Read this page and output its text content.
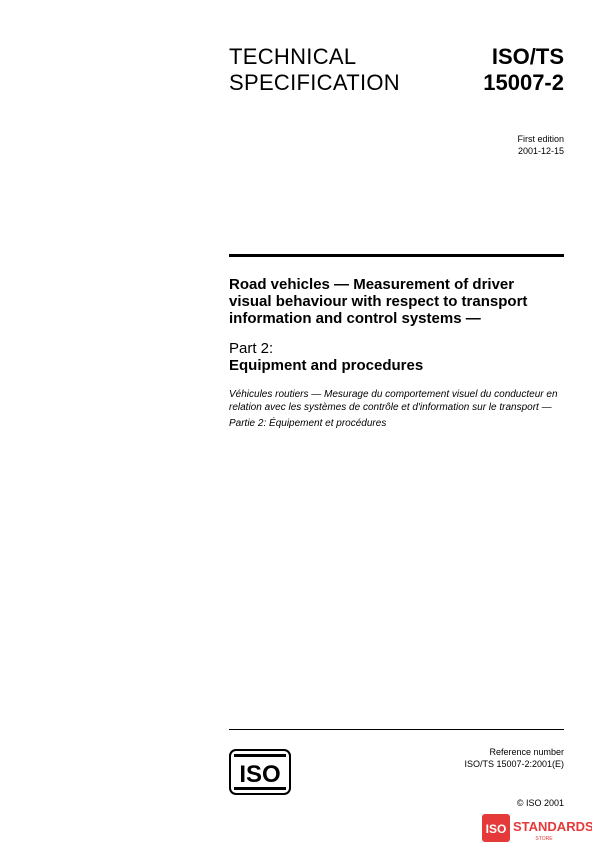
TECHNICAL
SPECIFICATION
ISO/TS
15007-2
First edition
2001-12-15
Road vehicles — Measurement of driver
visual behaviour with respect to transport
information and control systems —
Part 2:
Equipment and procedures
Véhicules routiers — Mesurage du comportement visuel du conducteur en
relation avec les systèmes de contrôle et d'information sur le transport —
Partie 2: Équipement et procédures
Reference number
ISO/TS 15007-2:2001(E)
© ISO 2001
ISO
ISO STANDARDS
STORE
